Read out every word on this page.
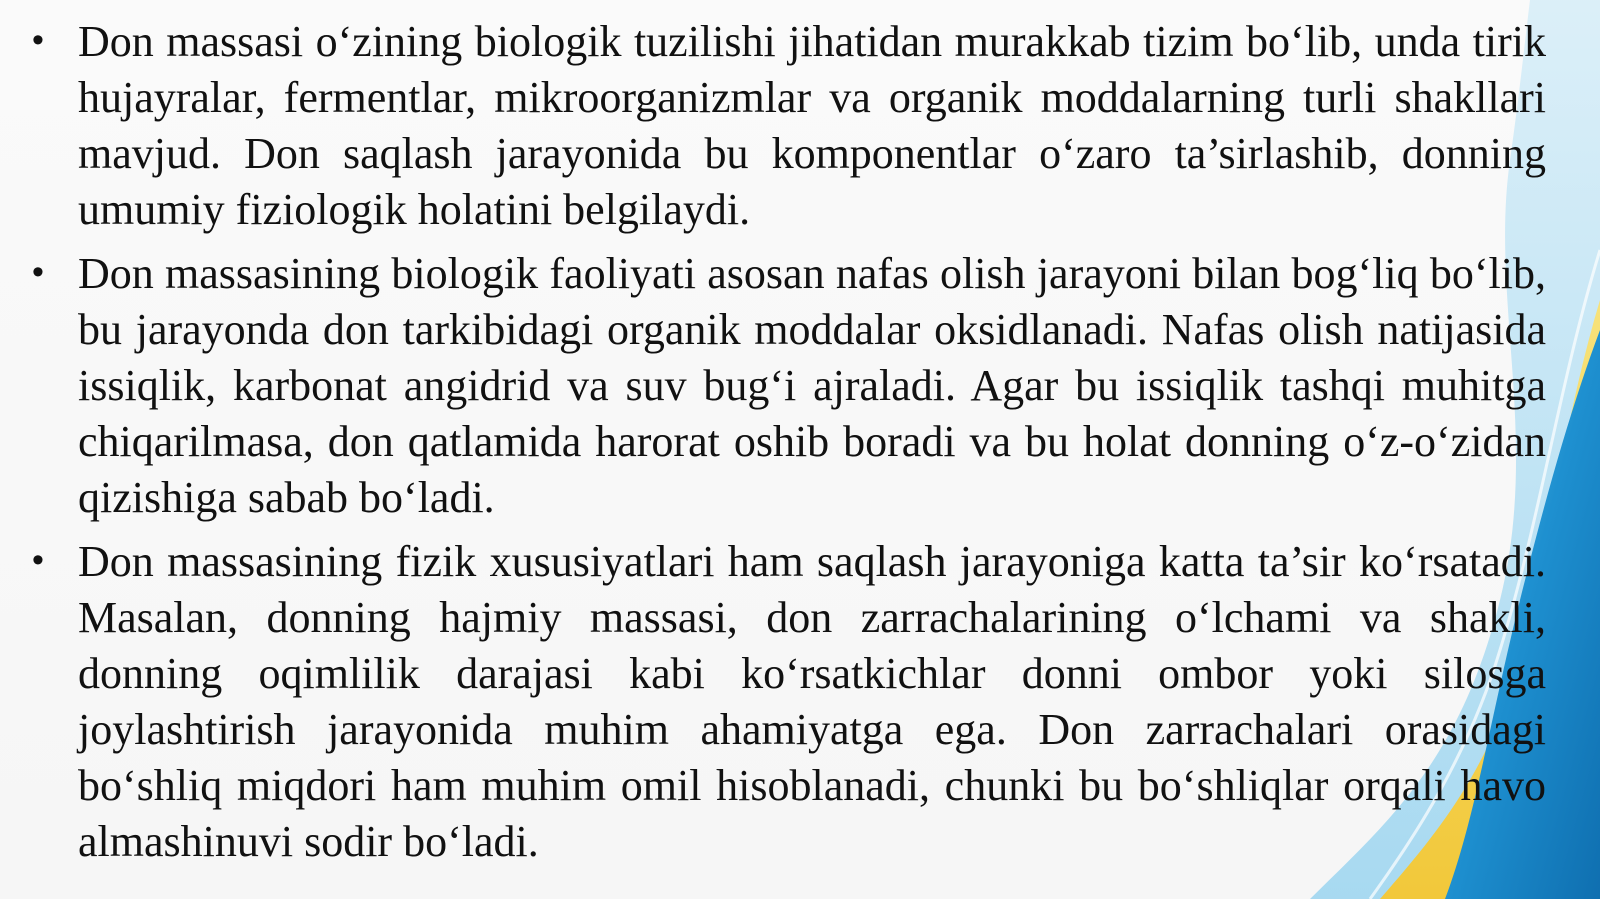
• Don massasi o‘zining biologik tuzilishi jihatidan murakkab tizim bo‘lib, unda tirik hujayralar, fermentlar, mikroorganizmlar va organik moddalarning turli shakllari mavjud. Don saqlash jarayonida bu komponentlar o‘zaro ta’sirlashib, donning umumiy fiziologik holatini belgilaydi.
• Don massasining biologik faoliyati asosan nafas olish jarayoni bilan bog‘liq bo‘lib, bu jarayonda don tarkibidagi organik moddalar oksidlanadi. Nafas olish natijasida issiqlik, karbonat angidrid va suv bug‘i ajraladi. Agar bu issiqlik tashqi muhitga chiqarilmasa, don qatlamida harorat oshib boradi va bu holat donning o‘z-o‘zidan qizishiga sabab bo‘ladi.
• Don massasining fizik xususiyatlari ham saqlash jarayoniga katta ta’sir ko‘rsatadi. Masalan, donning hajmiy massasi, don zarrachalarining o‘lchami va shakli, donning oqimlilik darajasi kabi ko‘rsatkichlar donni ombor yoki silosga joylashtirish jarayonida muhim ahamiyatga ega. Don zarrachalari orasidagi bo‘shliq miqdori ham muhim omil hisoblanadi, chunki bu bo‘shliqlar orqali havo almashinuvi sodir bo‘ladi.
